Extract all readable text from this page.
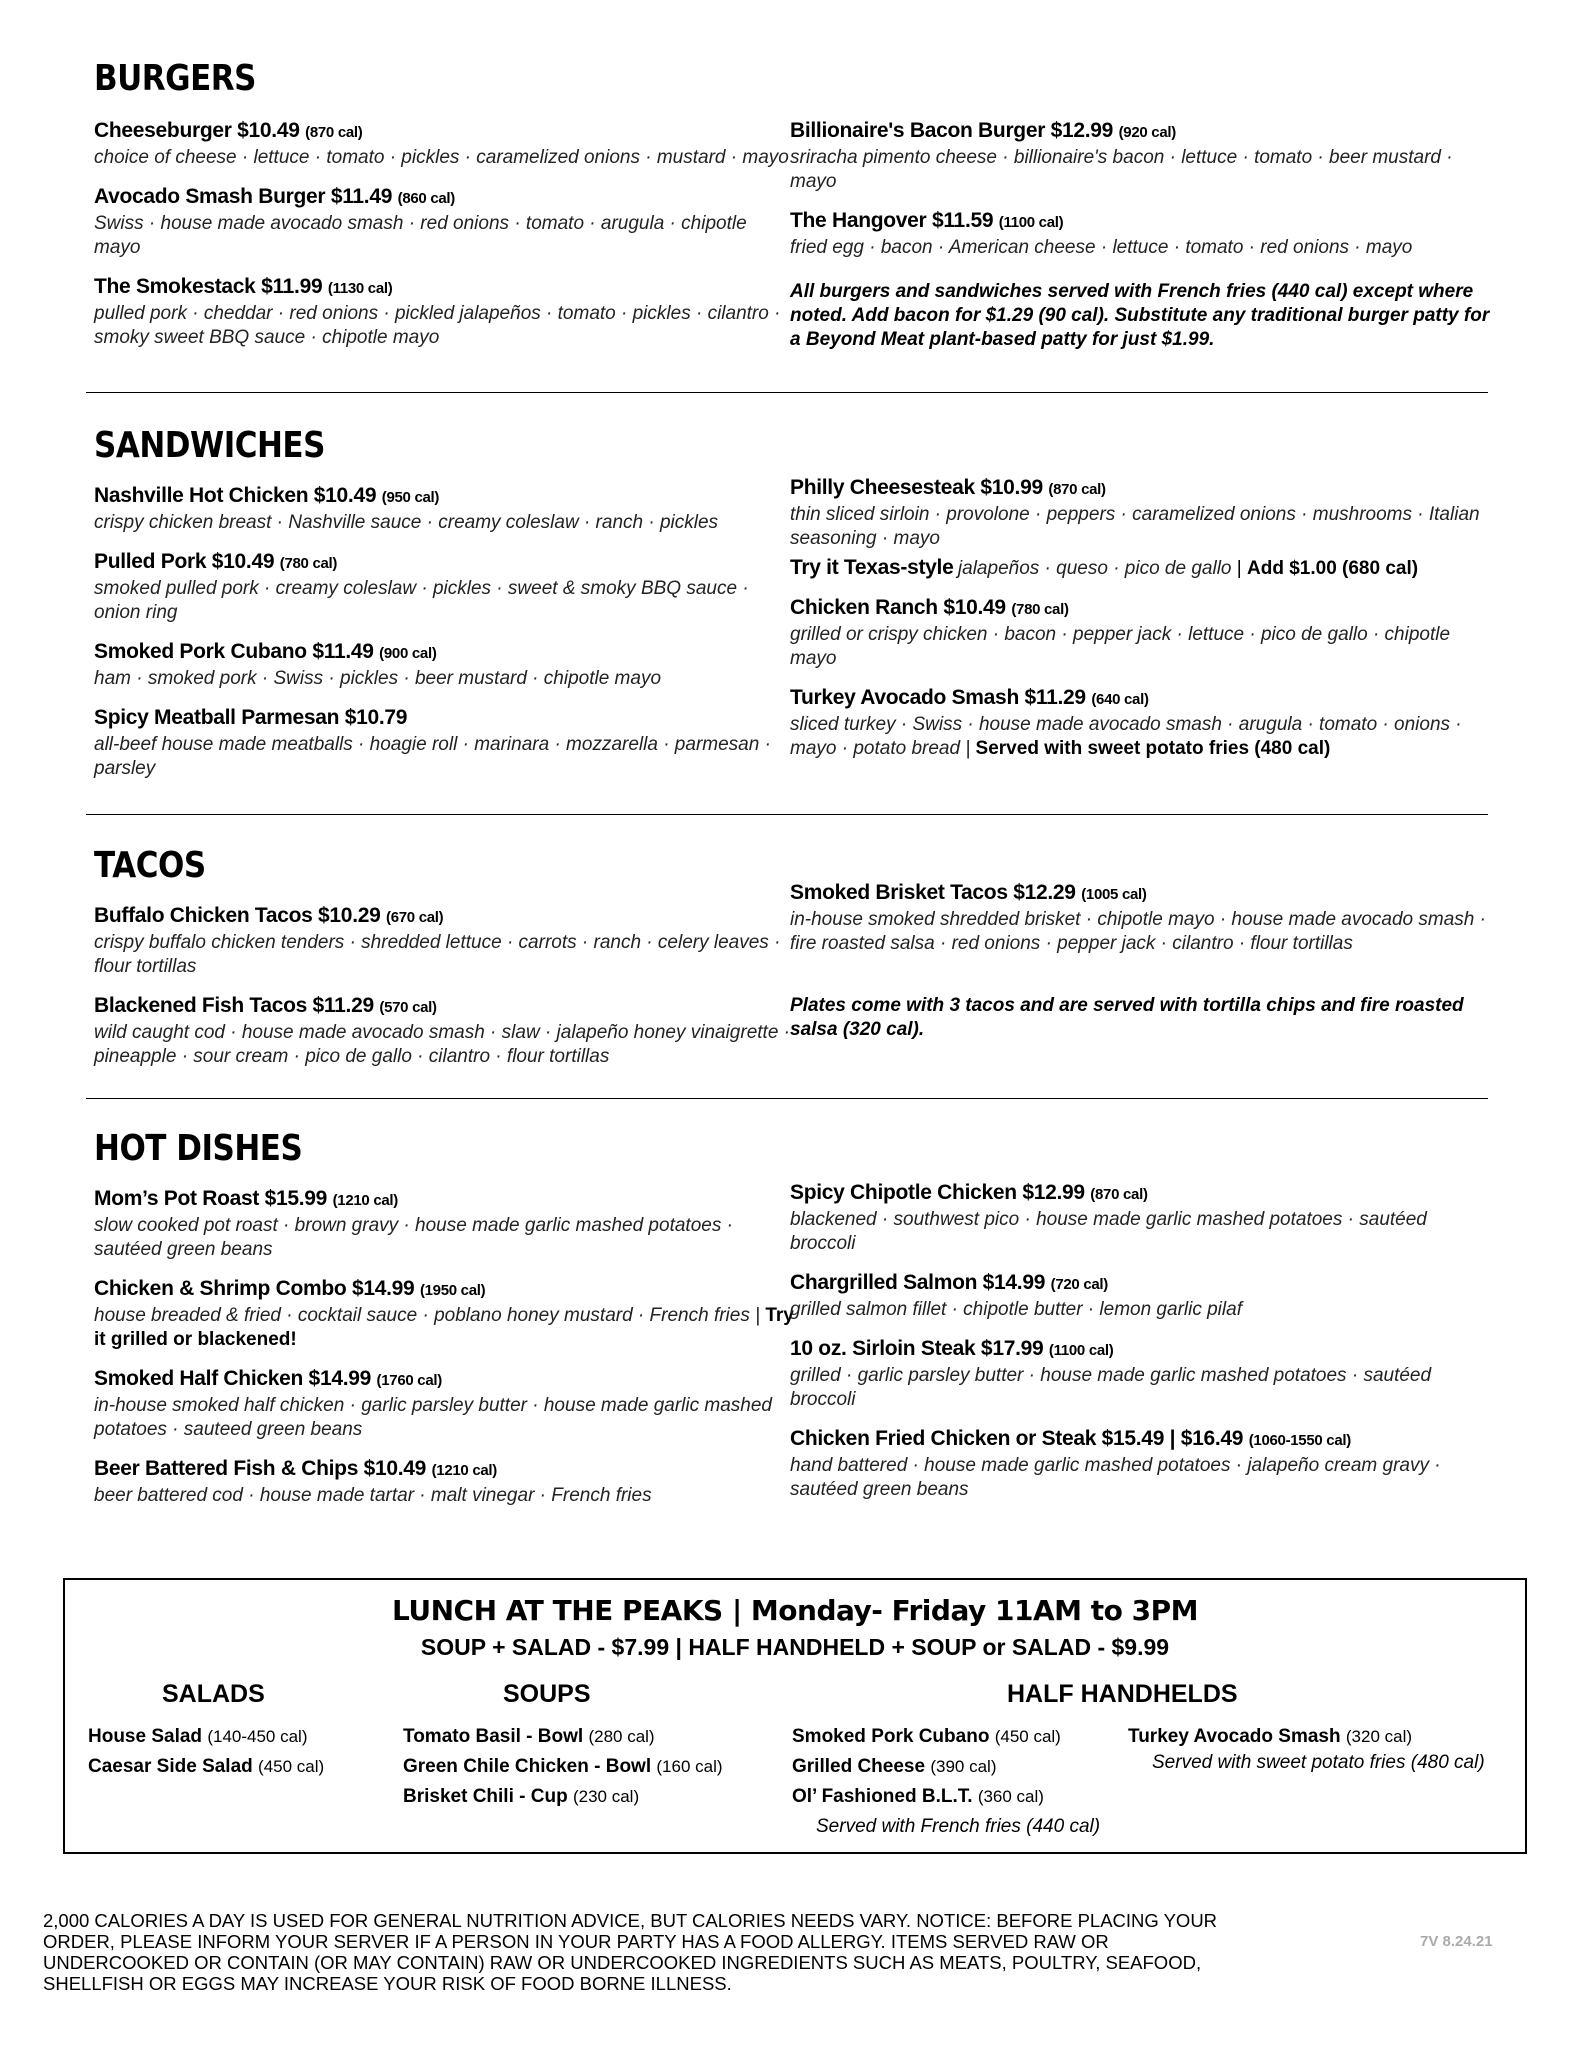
BURGERS
Cheeseburger $10.49 (870 cal)
choice of cheese · lettuce · tomato · pickles · caramelized onions · mustard · mayo
Avocado Smash Burger $11.49 (860 cal)
Swiss · house made avocado smash · red onions · tomato · arugula · chipotle mayo
The Smokestack $11.99 (1130 cal)
pulled pork · cheddar · red onions · pickled jalapeños · tomato · pickles · cilantro · smoky sweet BBQ sauce · chipotle mayo
Billionaire's Bacon Burger $12.99 (920 cal)
sriracha pimento cheese · billionaire's bacon · lettuce · tomato · beer mustard · mayo
The Hangover $11.59 (1100 cal)
fried egg · bacon · American cheese · lettuce · tomato · red onions · mayo
All burgers and sandwiches served with French fries (440 cal) except where noted. Add bacon for $1.29 (90 cal). Substitute any traditional burger patty for a Beyond Meat plant-based patty for just $1.99.
SANDWICHES
Nashville Hot Chicken $10.49 (950 cal)
crispy chicken breast · Nashville sauce · creamy coleslaw · ranch · pickles
Pulled Pork $10.49 (780 cal)
smoked pulled pork · creamy coleslaw · pickles · sweet & smoky BBQ sauce · onion ring
Smoked Pork Cubano $11.49 (900 cal)
ham · smoked pork · Swiss · pickles · beer mustard · chipotle mayo
Spicy Meatball Parmesan $10.79
all-beef house made meatballs · hoagie roll · marinara · mozzarella · parmesan · parsley
Philly Cheesesteak $10.99 (870 cal)
thin sliced sirloin · provolone · peppers · caramelized onions · mushrooms · Italian seasoning · mayo
Try it Texas-style jalapeños · queso · pico de gallo | Add $1.00 (680 cal)
Chicken Ranch $10.49 (780 cal)
grilled or crispy chicken · bacon · pepper jack · lettuce · pico de gallo · chipotle mayo
Turkey Avocado Smash $11.29 (640 cal)
sliced turkey · Swiss · house made avocado smash · arugula · tomato · onions · mayo · potato bread | Served with sweet potato fries (480 cal)
TACOS
Buffalo Chicken Tacos $10.29 (670 cal)
crispy buffalo chicken tenders · shredded lettuce · carrots · ranch · celery leaves · flour tortillas
Blackened Fish Tacos $11.29 (570 cal)
wild caught cod · house made avocado smash · slaw · jalapeño honey vinaigrette · pineapple · sour cream · pico de gallo · cilantro · flour tortillas
Smoked Brisket Tacos $12.29 (1005 cal)
in-house smoked shredded brisket · chipotle mayo · house made avocado smash · fire roasted salsa · red onions · pepper jack · cilantro · flour tortillas
Plates come with 3 tacos and are served with tortilla chips and fire roasted salsa (320 cal).
HOT DISHES
Mom’s Pot Roast $15.99 (1210 cal)
slow cooked pot roast · brown gravy · house made garlic mashed potatoes · sautéed green beans
Chicken & Shrimp Combo $14.99 (1950 cal)
house breaded & fried · cocktail sauce · poblano honey mustard · French fries | Try it grilled or blackened!
Smoked Half Chicken $14.99 (1760 cal)
in-house smoked half chicken · garlic parsley butter · house made garlic mashed potatoes · sauteed green beans
Beer Battered Fish & Chips $10.49 (1210 cal)
beer battered cod · house made tartar · malt vinegar · French fries
Spicy Chipotle Chicken $12.99 (870 cal)
blackened · southwest pico · house made garlic mashed potatoes · sautéed broccoli
Chargrilled Salmon $14.99 (720 cal)
grilled salmon fillet · chipotle butter · lemon garlic pilaf
10 oz. Sirloin Steak $17.99 (1100 cal)
grilled · garlic parsley butter · house made garlic mashed potatoes · sautéed broccoli
Chicken Fried Chicken or Steak $15.49 | $16.49 (1060-1550 cal)
hand battered · house made garlic mashed potatoes · jalapeño cream gravy · sautéed green beans
LUNCH AT THE PEAKS | Monday- Friday 11AM to 3PM
SOUP + SALAD - $7.99 | HALF HANDHELD + SOUP or SALAD - $9.99
SALADS	SOUPS	HALF HANDHELDS
House Salad (140-450 cal)
Caesar Side Salad (450 cal)
Tomato Basil - Bowl (280 cal)
Green Chile Chicken - Bowl (160 cal)
Brisket Chili - Cup (230 cal)
Smoked Pork Cubano (450 cal)
Grilled Cheese (390 cal)
Ol’ Fashioned B.L.T. (360 cal)
Served with French fries (440 cal)
Turkey Avocado Smash (320 cal)
Served with sweet potato fries (480 cal)
2,000 CALORIES A DAY IS USED FOR GENERAL NUTRITION ADVICE, BUT CALORIES NEEDS VARY. NOTICE: BEFORE PLACING YOUR ORDER, PLEASE INFORM YOUR SERVER IF A PERSON IN YOUR PARTY HAS A FOOD ALLERGY. ITEMS SERVED RAW OR UNDERCOOKED OR CONTAIN (OR MAY CONTAIN) RAW OR UNDERCOOKED INGREDIENTS SUCH AS MEATS, POULTRY, SEAFOOD, SHELLFISH OR EGGS MAY INCREASE YOUR RISK OF FOOD BORNE ILLNESS.
7V 8.24.21
